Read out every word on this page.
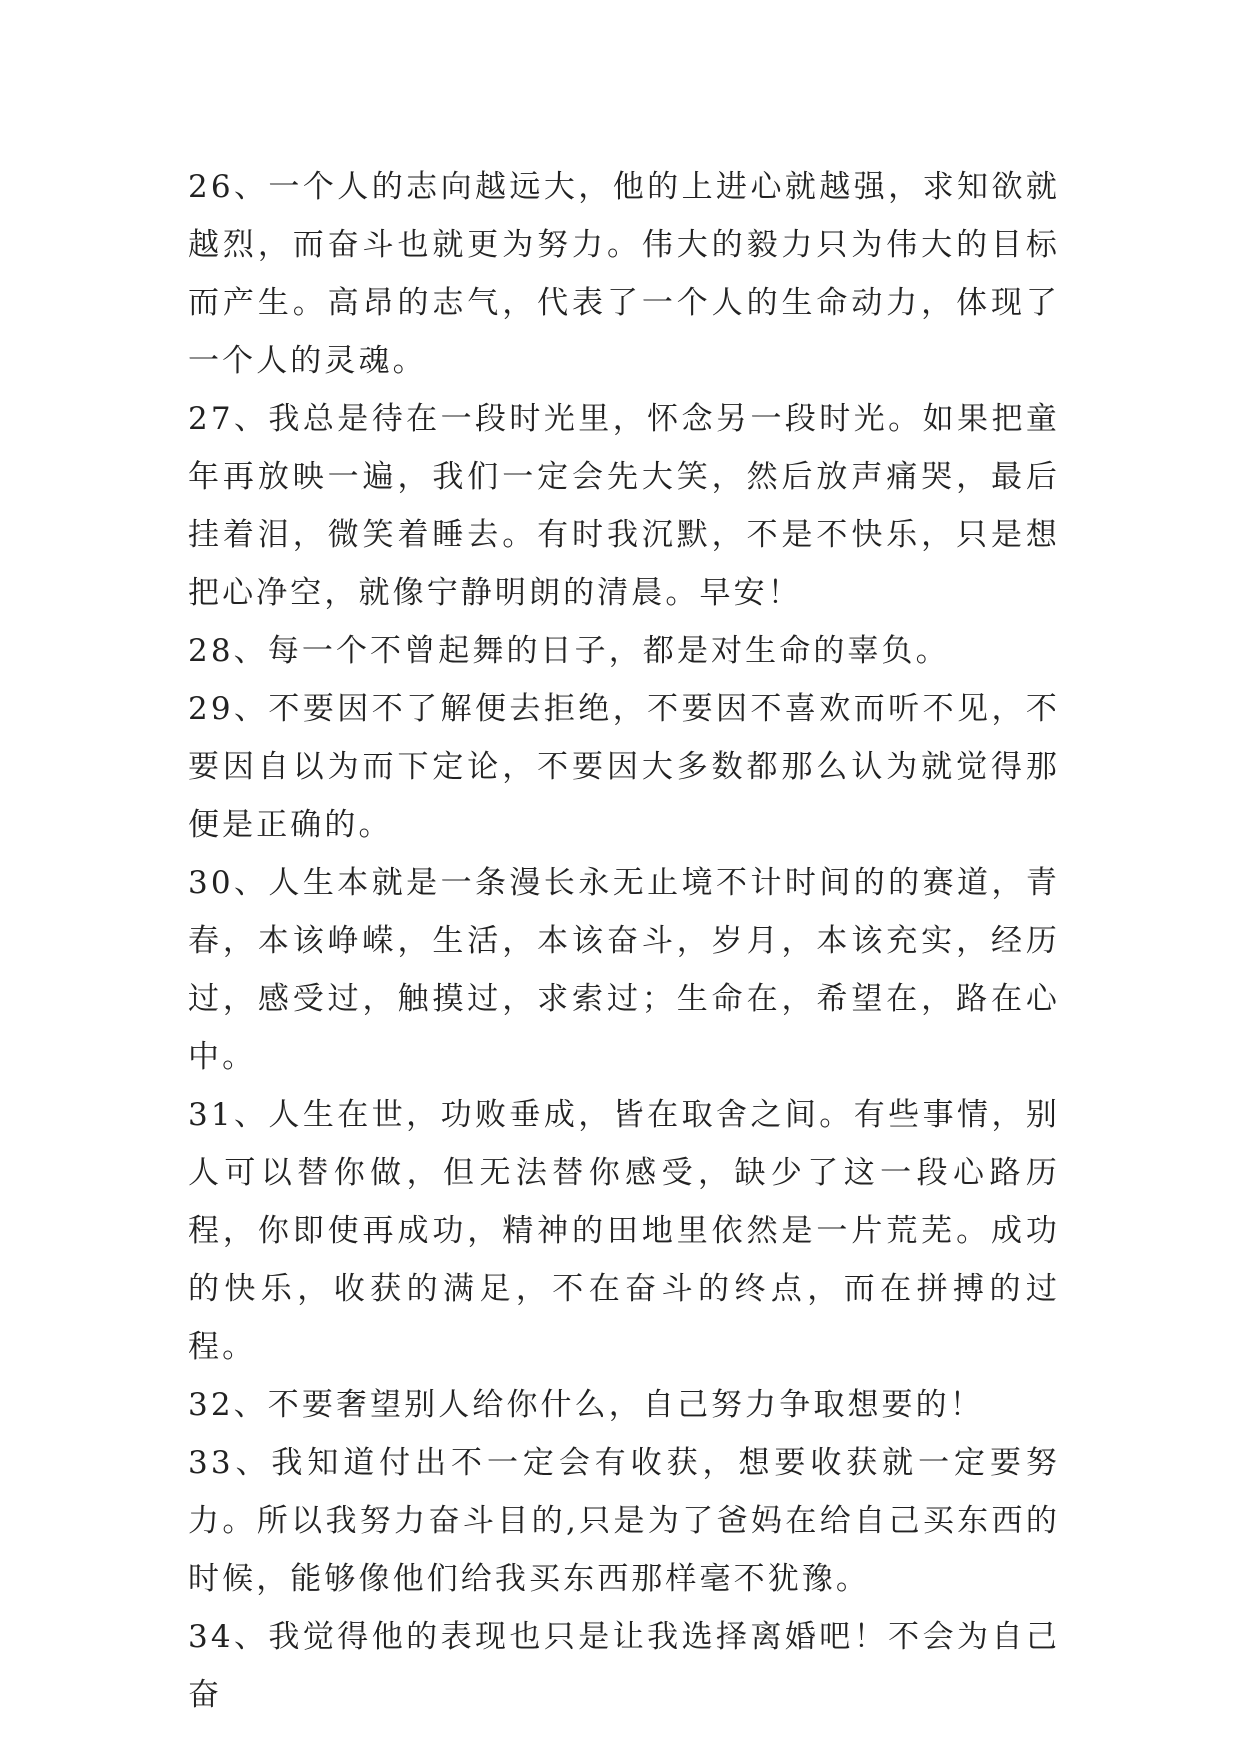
26、一个人的志向越远大，他的上进心就越强，求知欲就越烈，而奋斗也就更为努力。伟大的毅力只为伟大的目标而产生。高昂的志气，代表了一个人的生命动力，体现了一个人的灵魂。

27、我总是待在一段时光里，怀念另一段时光。如果把童年再放映一遍，我们一定会先大笑，然后放声痛哭，最后挂着泪，微笑着睡去。有时我沉默，不是不快乐，只是想把心净空，就像宁静明朗的清晨。早安！

28、每一个不曾起舞的日子，都是对生命的辜负。

29、不要因不了解便去拒绝，不要因不喜欢而听不见，不要因自以为而下定论，不要因大多数都那么认为就觉得那便是正确的。

30、人生本就是一条漫长永无止境不计时间的的赛道，青春，本该峥嵘，生活，本该奋斗，岁月，本该充实，经历过，感受过，触摸过，求索过；生命在，希望在，路在心中。

31、人生在世，功败垂成，皆在取舍之间。有些事情，别人可以替你做，但无法替你感受，缺少了这一段心路历程，你即使再成功，精神的田地里依然是一片荒芜。成功的快乐，收获的满足，不在奋斗的终点，而在拼搏的过程。

32、不要奢望别人给你什么，自己努力争取想要的！

33、我知道付出不一定会有收获，想要收获就一定要努力。所以我努力奋斗目的,只是为了爸妈在给自己买东西的时候，能够像他们给我买东西那样毫不犹豫。

34、我觉得他的表现也只是让我选择离婚吧！不会为自己奋
